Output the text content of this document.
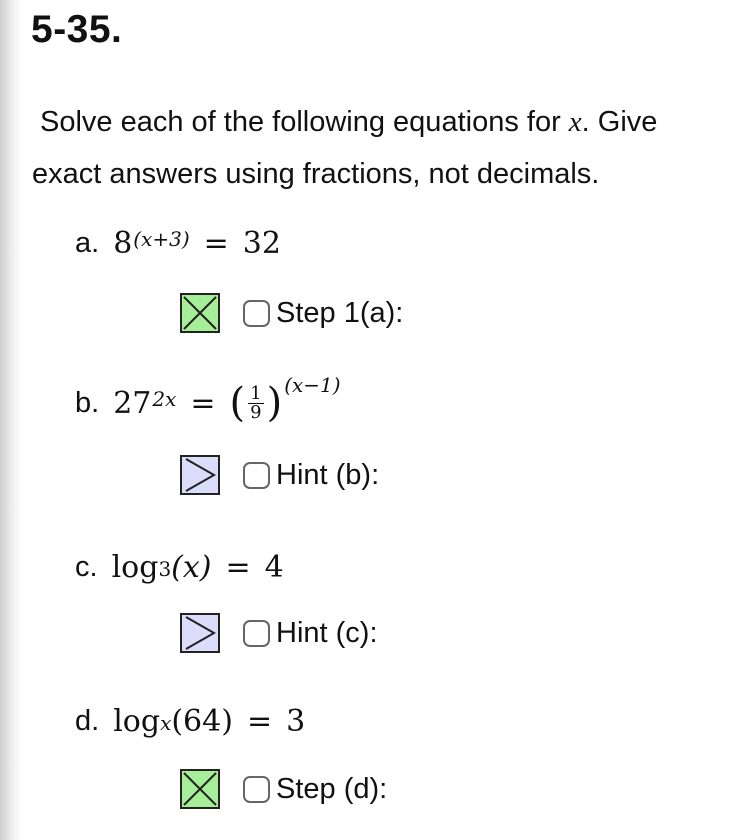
5-35.
Solve each of the following equations for x. Give
exact answers using fractions, not decimals.
a. $8^{(x+3)} = 32$
Step 1(a):
b. $27^{2x}$ = ( $\frac{1}{9}$ ) (x−1)
Hint (b):
c. $\log_3 (x) = 4$
Hint (c):
d. $\log_x (64) = 3$
Step (d):
